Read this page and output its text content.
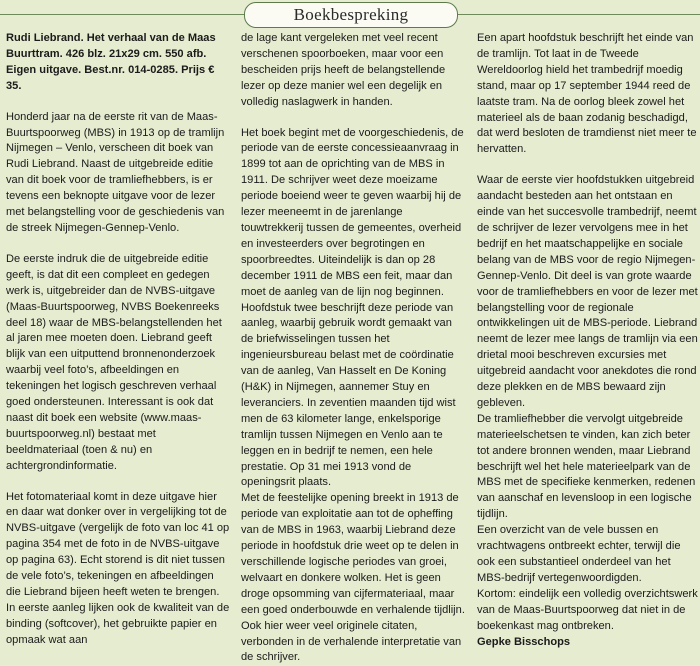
Boekbespreking

Rudi Liebrand. Het verhaal van de Maas Buurttram. 426 blz. 21x29 cm. 550 afb. Eigen uitgave. Best.nr. 014-0285. Prijs € 35.

Honderd jaar na de eerste rit van de Maas-Buurtspoorweg (MBS) in 1913 op de tramlijn Nijmegen – Venlo, verscheen dit boek van Rudi Liebrand. Naast de uitgebreide editie van dit boek voor de tramliefhebbers, is er tevens een beknopte uitgave voor de lezer met belangstelling voor de geschiedenis van de streek Nijmegen-Gennep-Venlo.

De eerste indruk die de uitgebreide editie geeft, is dat dit een compleet en gedegen werk is, uitgebreider dan de NVBS-uitgave (Maas-Buurtspoorweg, NVBS Boekenreeks deel 18) waar de MBS-belangstellenden het al jaren mee moeten doen. Liebrand geeft blijk van een uitputtend bronnenonderzoek waarbij veel foto’s, afbeeldingen en tekeningen het logisch geschreven verhaal goed ondersteunen. Interessant is ook dat naast dit boek een website (www.maas-buurtspoorweg.nl) bestaat met beeldmateriaal (toen & nu) en achtergrondinformatie.

Het fotomateriaal komt in deze uitgave hier en daar wat donker over in vergelijking tot de NVBS-uitgave (vergelijk de foto van loc 41 op pagina 354 met de foto in de NVBS-uitgave op pagina 63). Echt storend is dit niet tussen de vele foto’s, tekeningen en afbeeldingen die Liebrand bijeen heeft weten te brengen. In eerste aanleg lijken ook de kwaliteit van de binding (softcover), het gebruikte papier en opmaak wat aan

de lage kant vergeleken met veel recent verschenen spoorboeken, maar voor een bescheiden prijs heeft de belangstellende lezer op deze manier wel een degelijk en volledig naslagwerk in handen.

Het boek begint met de voorgeschiedenis, de periode van de eerste concessieaanvraag in 1899 tot aan de oprichting van de MBS in 1911. De schrijver weet deze moeizame periode boeiend weer te geven waarbij hij de lezer meeneemt in de jarenlange touwtrekkerij tussen de gemeentes, overheid en investeerders over begrotingen en spoorbreedtes. Uiteindelijk is dan op 28 december 1911 de MBS een feit, maar dan moet de aanleg van de lijn nog beginnen.

Hoofdstuk twee beschrijft deze periode van aanleg, waarbij gebruik wordt gemaakt van de briefwisselingen tussen het ingenieursbureau belast met de coördinatie van de aanleg, Van Hasselt en De Koning (H&K) in Nijmegen, aannemer Stuy en leveranciers. In zeventien maanden tijd wist men de 63 kilometer lange, enkelsporige tramlijn tussen Nijmegen en Venlo aan te leggen en in bedrijf te nemen, een hele prestatie. Op 31 mei 1913 vond de openingsrit plaats.

Met de feestelijke opening breekt in 1913 de periode van exploitatie aan tot de opheffing van de MBS in 1963, waarbij Liebrand deze periode in hoofdstuk drie weet op te delen in verschillende logische periodes van groei, welvaart en donkere wolken. Het is geen droge opsomming van cijfermateriaal, maar een goed onderbouwde en verhalende tijdlijn. Ook hier weer veel originele citaten, verbonden in de verhalende interpretatie van de schrijver.

Een apart hoofdstuk beschrijft het einde van de tramlijn. Tot laat in de Tweede Wereldoorlog hield het trambedrijf moedig stand, maar op 17 september 1944 reed de laatste tram. Na de oorlog bleek zowel het materieel als de baan zodanig beschadigd, dat werd besloten de tramdienst niet meer te hervatten.

Waar de eerste vier hoofdstukken uitgebreid aandacht besteden aan het ontstaan en einde van het succesvolle trambedrijf, neemt de schrijver de lezer vervolgens mee in het bedrijf en het maatschappelijke en sociale belang van de MBS voor de regio Nijmegen-Gennep-Venlo. Dit deel is van grote waarde voor de tramliefhebbers en voor de lezer met belangstelling voor de regionale ontwikkelingen uit de MBS-periode. Liebrand neemt de lezer mee langs de tramlijn via een drietal mooi beschreven excursies met uitgebreid aandacht voor anekdotes die rond deze plekken en de MBS bewaard zijn gebleven.

De tramliefhebber die vervolgt uitgebreide materieelschetsen te vinden, kan zich beter tot andere bronnen wenden, maar Liebrand beschrijft wel het hele materieelpark van de MBS met de specifieke kenmerken, redenen van aanschaf en levensloop in een logische tijdlijn.

Een overzicht van de vele bussen en vrachtwagens ontbreekt echter, terwijl die ook een substantieel onderdeel van het MBS-bedrijf vertegenwoordigden.

Kortom: eindelijk een volledig overzichtswerk van de Maas-Buurtspoorweg dat niet in de boekenkast mag ontbreken.

Gepke Bisschops
